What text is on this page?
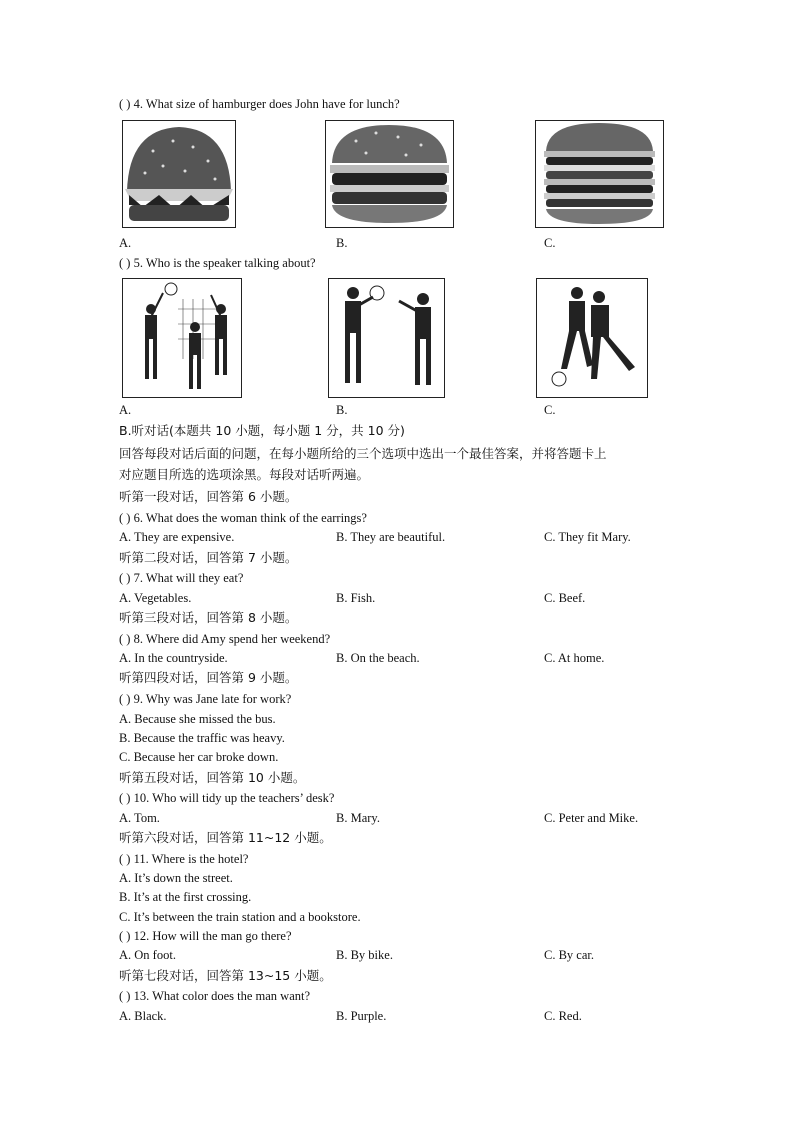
( ) 4. What size of hamburger does John have for lunch?
A.	B.	C.
( ) 5. Who is the speaker talking about?
A.	B.	C.
B.听对话(本题共 10 小题，每小题 1 分，共 10 分)
回答每段对话后面的问题，在每小题所给的三个选项中选出一个最佳答案，并将答题卡上
对应题目所选的选项涂黑。每段对话听两遍。
听第一段对话，回答第 6 小题。
( ) 6. What does the woman think of the earrings?
A. They are expensive.	B. They are beautiful.	C. They fit Mary.
听第二段对话，回答第 7 小题。
( ) 7. What will they eat?
A. Vegetables.	B. Fish.	C. Beef.
听第三段对话，回答第 8 小题。
( ) 8. Where did Amy spend her weekend?
A. In the countryside.	B. On the beach.	C. At home.
听第四段对话，回答第 9 小题。
( ) 9. Why was Jane late for work?
A. Because she missed the bus.
B. Because the traffic was heavy.
C. Because her car broke down.
听第五段对话，回答第 10 小题。
( ) 10. Who will tidy up the teachers’ desk?
A. Tom.	B. Mary.	C. Peter and Mike.
听第六段对话，回答第 11~12 小题。
( ) 11. Where is the hotel?
A. It’s down the street.
B. It’s at the first crossing.
C. It’s between the train station and a bookstore.
( ) 12. How will the man go there?
A. On foot.	B. By bike.	C. By car.
听第七段对话，回答第 13~15 小题。
( ) 13. What color does the man want?
A. Black.	B. Purple.	C. Red.
